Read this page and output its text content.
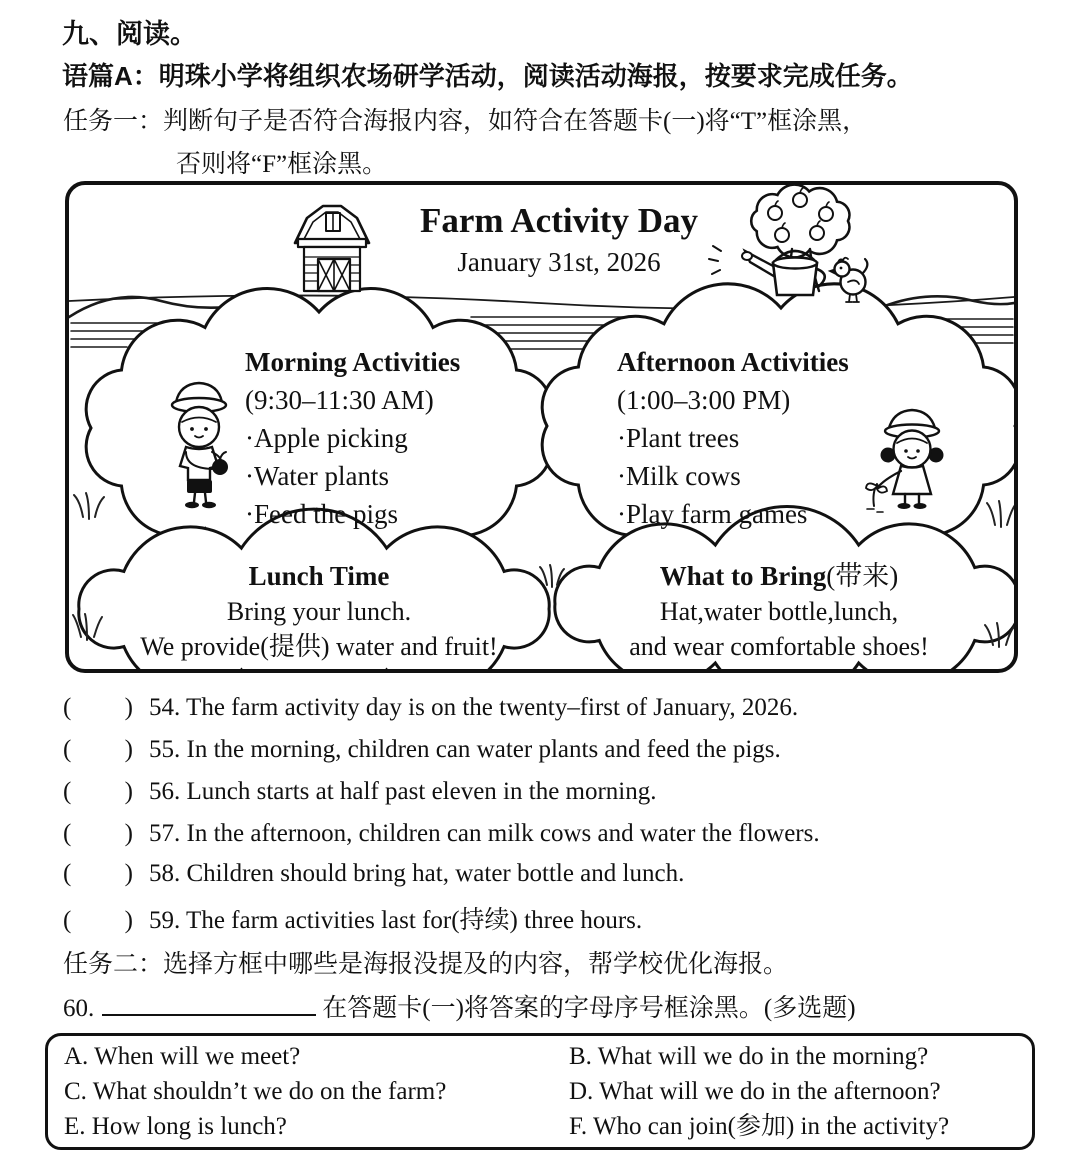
九、阅读。
语篇A：明珠小学将组织农场研学活动，阅读活动海报，按要求完成任务。
任务一：判断句子是否符合海报内容，如符合在答题卡(一)将“T”框涂黑，
否则将“F”框涂黑。
Farm Activity Day
January 31st, 2026
Morning Activities
(9:30–11:30 AM)
·Apple picking
·Water plants
·Feed the pigs
Afternoon Activities
(1:00–3:00 PM)
·Plant trees
·Milk cows
·Play farm games
Lunch Time
Bring your lunch.
We provide(提供) water and fruit!
What to Bring(带来)
Hat,water bottle,lunch,
and wear comfortable shoes!
( ) 54. The farm activity day is on the twenty–first of January, 2026.
( ) 55. In the morning, children can water plants and feed the pigs.
( ) 56. Lunch starts at half past eleven in the morning.
( ) 57. In the afternoon, children can milk cows and water the flowers.
( ) 58. Children should bring hat, water bottle and lunch.
( ) 59. The farm activities last for(持续) three hours.
任务二：选择方框中哪些是海报没提及的内容，帮学校优化海报。
60.	在答题卡(一)将答案的字母序号框涂黑。(多选题)
A. When will we meet?	B. What will we do in the morning?
C. What shouldn’t we do on the farm?	D. What will we do in the afternoon?
E. How long is lunch?	F. Who can join(参加) in the activity?
